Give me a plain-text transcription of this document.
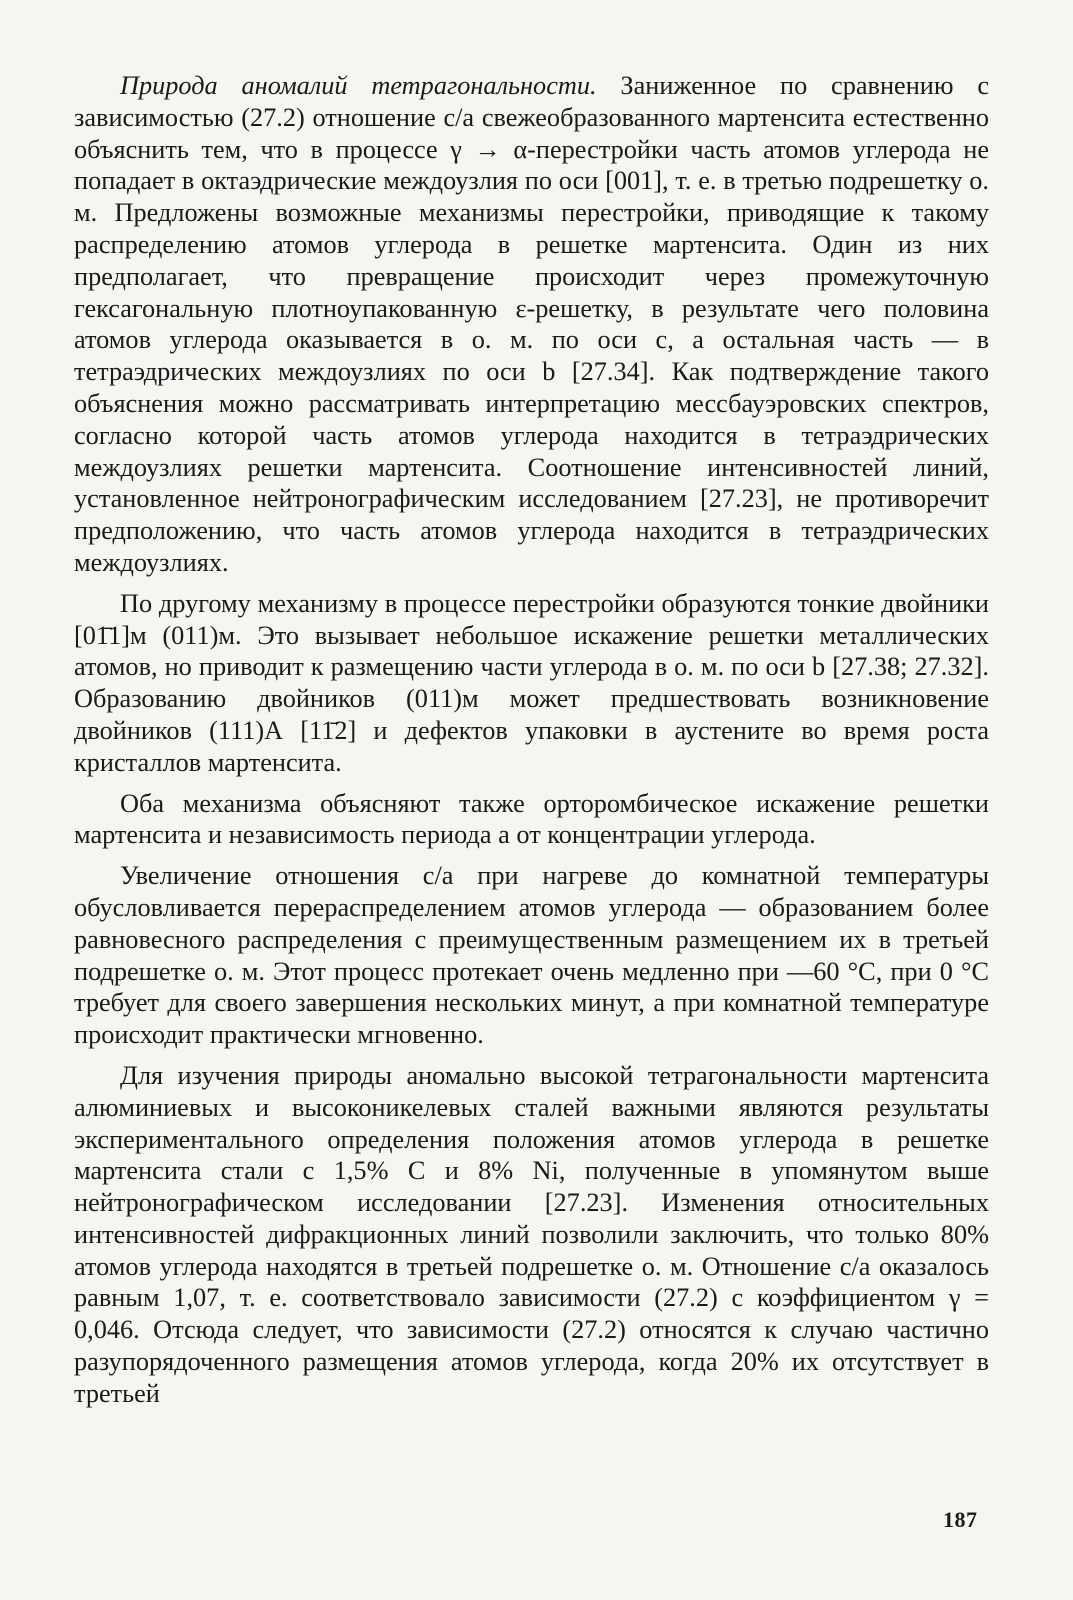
Природа аномалий тетрагональности. Заниженное по сравнению с зависимостью (27.2) отношение c/a свежеобразованного мартенсита естественно объяснить тем, что в процессе γ → α-перестройки часть атомов углерода не попадает в октаэдрические междоузлия по оси [001], т. е. в третью подрешетку о. м. Предложены возможные механизмы перестройки, приводящие к такому распределению атомов углерода в решетке мартенсита. Один из них предполагает, что превращение происходит через промежуточную гексагональную плотноупакованную ε-решетку, в результате чего половина атомов углерода оказывается в о. м. по оси c, а остальная часть — в тетраэдрических междоузлиях по оси b [27.34]. Как подтверждение такого объяснения можно рассматривать интерпретацию мессбауэровских спектров, согласно которой часть атомов углерода находится в тетраэдрических междоузлиях решетки мартенсита. Соотношение интенсивностей линий, установленное нейтронографическим исследованием [27.23], не противоречит предположению, что часть атомов углерода находится в тетраэдрических междоузлиях.

По другому механизму в процессе перестройки образуются тонкие двойники [01̄1]м (011)м. Это вызывает небольшое искажение решетки металлических атомов, но приводит к размещению части углерода в о. м. по оси b [27.38; 27.32]. Образованию двойников (011)м может предшествовать возникновение двойников (111)А [11̄2] и дефектов упаковки в аустените во время роста кристаллов мартенсита.

Оба механизма объясняют также орторомбическое искажение решетки мартенсита и независимость периода a от концентрации углерода.

Увеличение отношения c/a при нагреве до комнатной температуры обусловливается перераспределением атомов углерода — образованием более равновесного распределения с преимущественным размещением их в третьей подрешетке о. м. Этот процесс протекает очень медленно при —60 °С, при 0 °С требует для своего завершения нескольких минут, а при комнатной температуре происходит практически мгновенно.

Для изучения природы аномально высокой тетрагональности мартенсита алюминиевых и высоконикелевых сталей важными являются результаты экспериментального определения положения атомов углерода в решетке мартенсита стали с 1,5% С и 8% Ni, полученные в упомянутом выше нейтронографическом исследовании [27.23]. Изменения относительных интенсивностей дифракционных линий позволили заключить, что только 80% атомов углерода находятся в третьей подрешетке о. м. Отношение c/a оказалось равным 1,07, т. е. соответствовало зависимости (27.2) с коэффициентом γ = 0,046. Отсюда следует, что зависимости (27.2) относятся к случаю частично разупорядоченного размещения атомов углерода, когда 20% их отсутствует в третьей

187
